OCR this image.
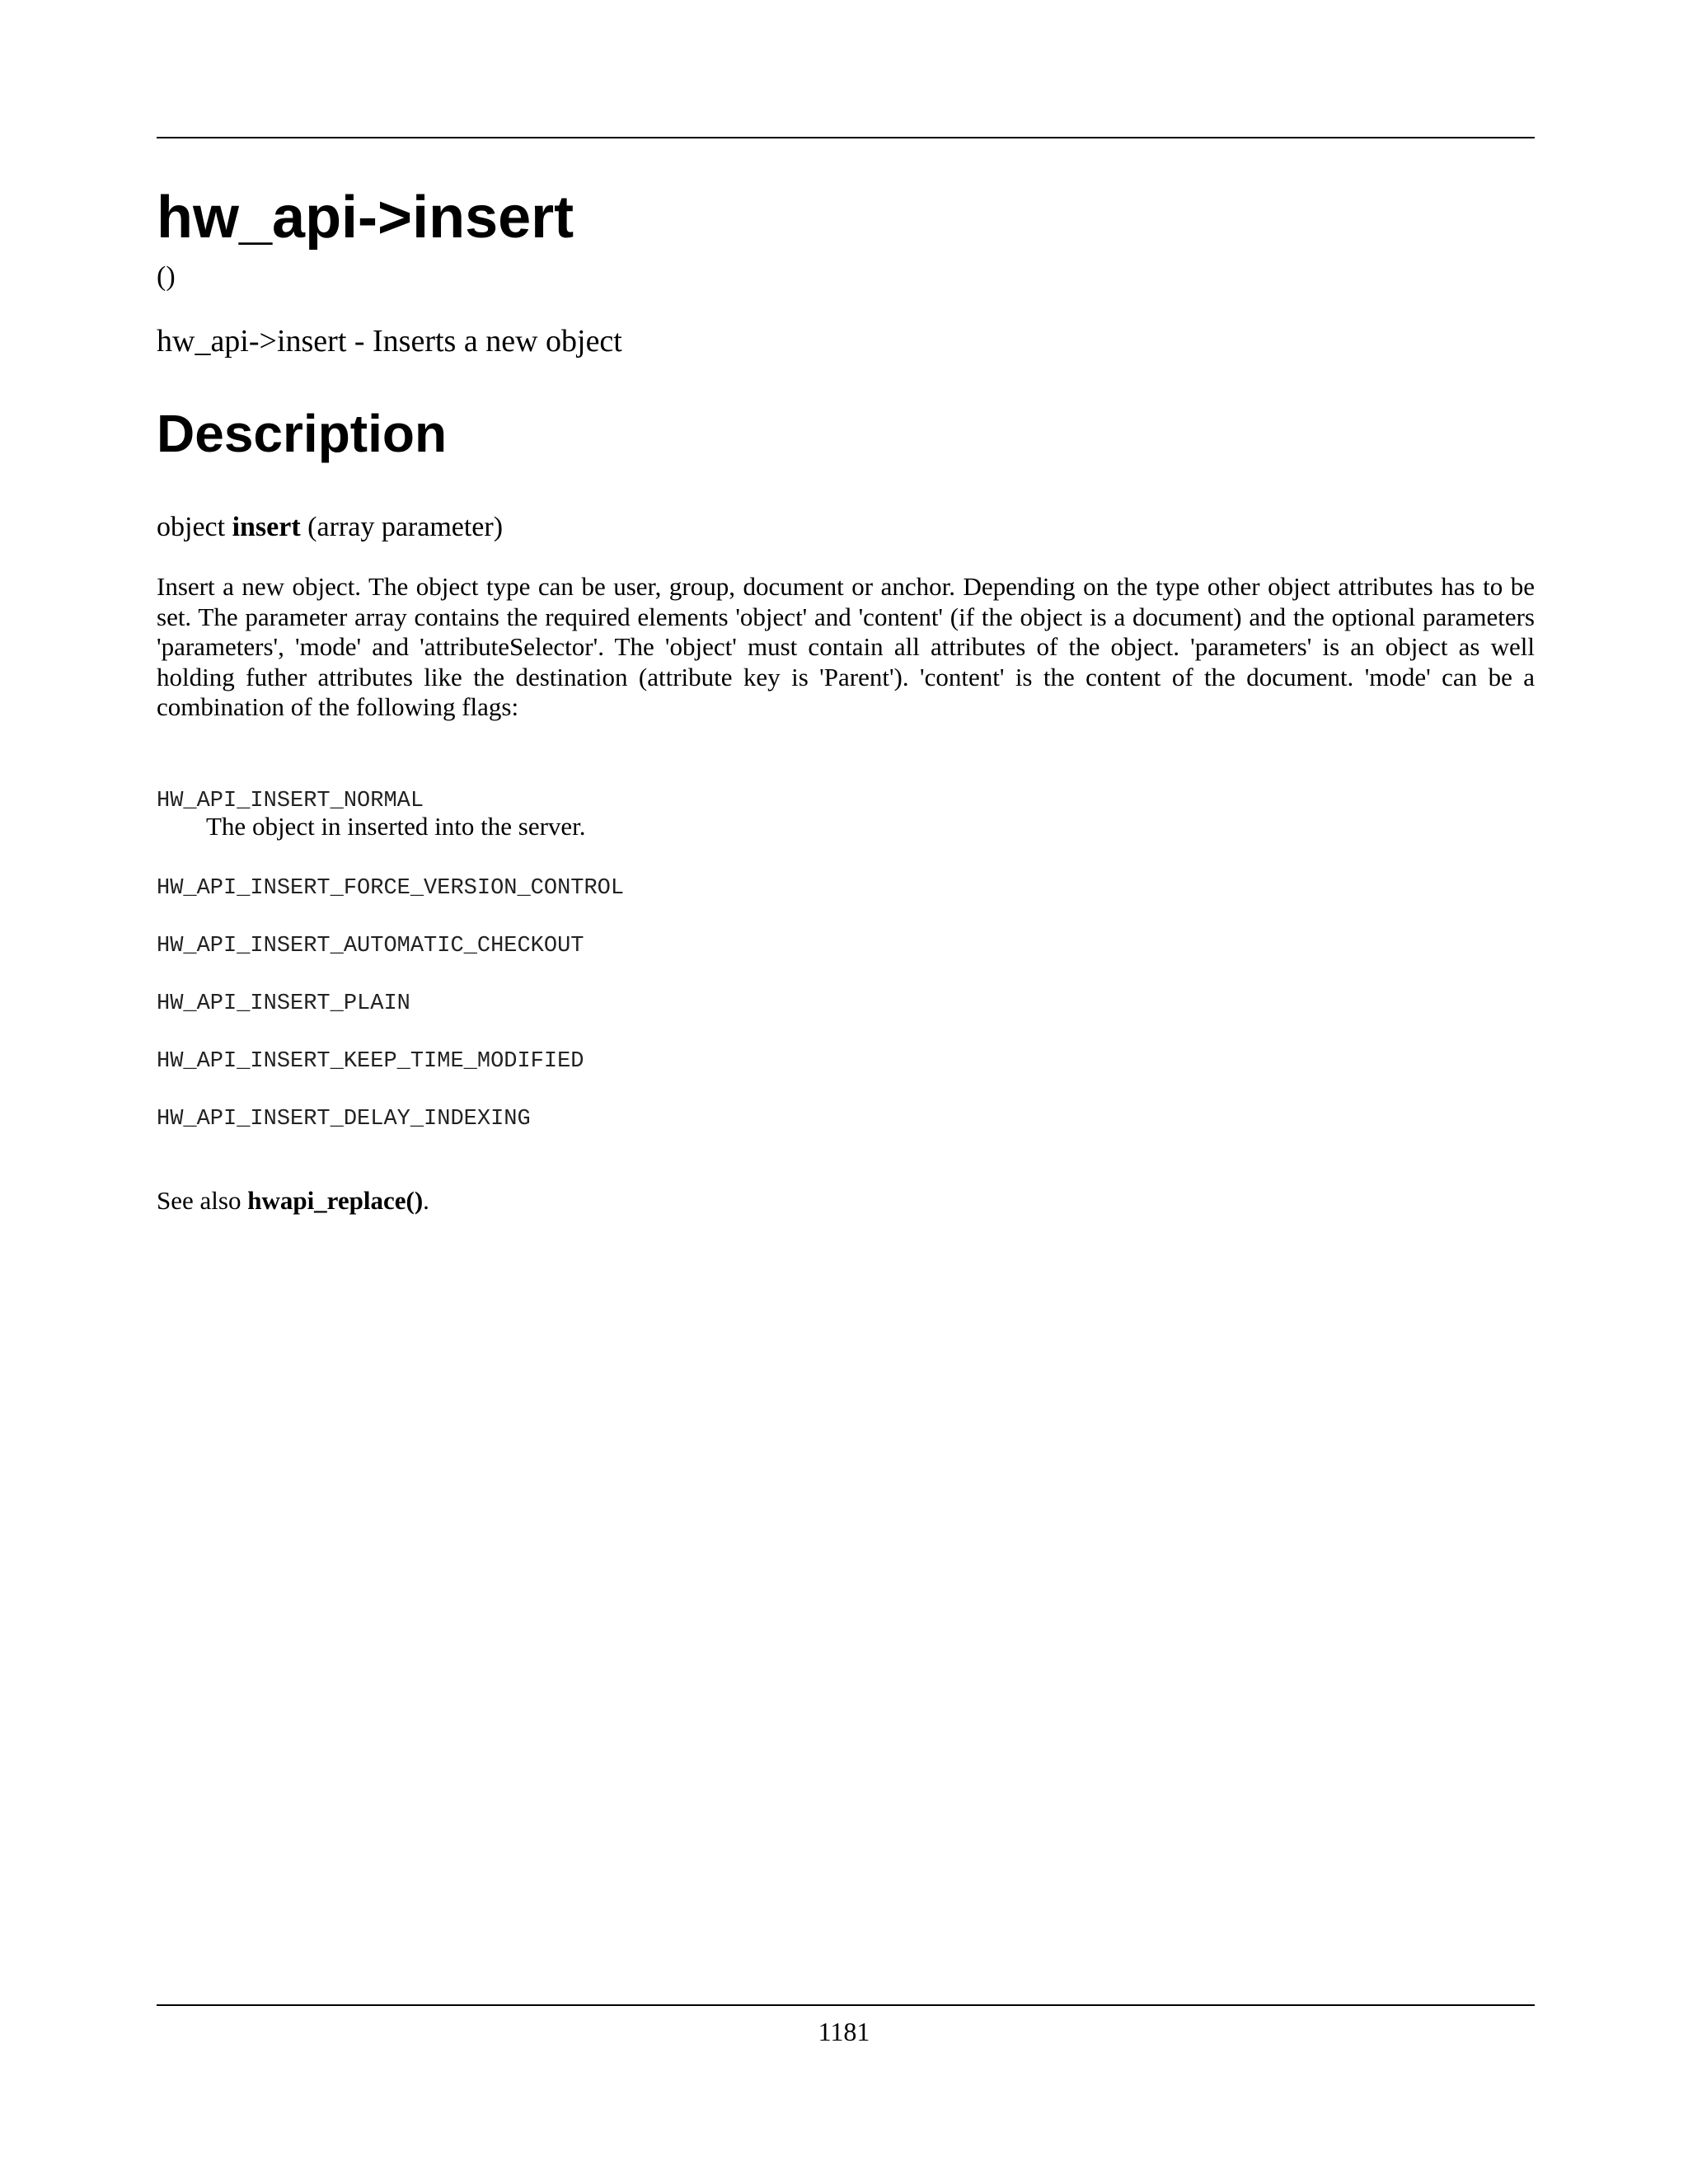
hw_api->insert
()
hw_api->insert - Inserts a new object
Description
object insert (array parameter)

Insert a new object. The object type can be user, group, document or anchor. Depending on the type other object attributes has to be set. The parameter array contains the required elements 'object' and 'content' (if the object is a document) and the optional parameters 'parameters', 'mode' and 'attributeSelector'. The 'object' must contain all attributes of the object. 'parameters' is an object as well holding futher attributes like the destination (attribute key is 'Parent'). 'content' is the content of the document. 'mode' can be a combination of the following flags:

HW_API_INSERT_NORMAL
The object in inserted into the server.
HW_API_INSERT_FORCE_VERSION_CONTROL
HW_API_INSERT_AUTOMATIC_CHECKOUT
HW_API_INSERT_PLAIN
HW_API_INSERT_KEEP_TIME_MODIFIED
HW_API_INSERT_DELAY_INDEXING
See also hwapi_replace().
1181
